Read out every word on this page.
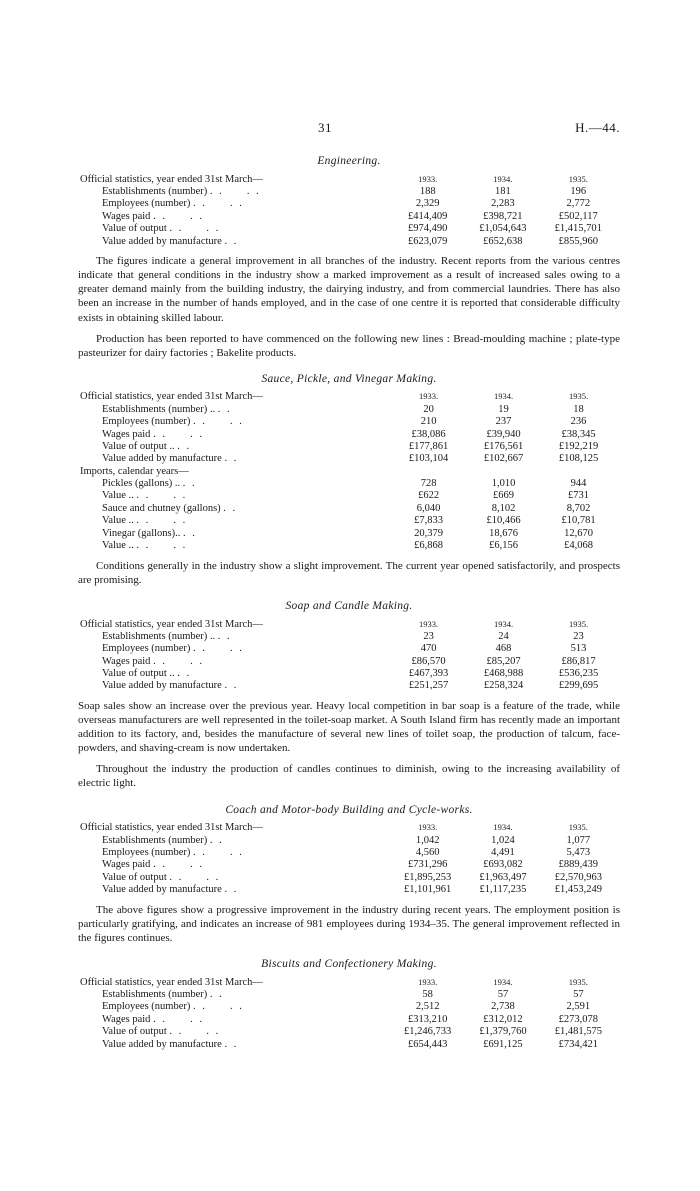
31	H.—44.
Engineering.
Official statistics, year ended 31st March—	1933.	1934.	1935.
Establishments (number) . .     . .	188	181	196
Employees (number) . .     . .	2,329	2,283	2,772
Wages paid . .     . .	£414,409	£398,721	£502,117
Value of output . .     . .	£974,490	£1,054,643	£1,415,701
Value added by manufacture . .	£623,079	£652,638	£855,960

The figures indicate a general improvement in all branches of the industry. Recent reports from the various centres indicate that general conditions in the industry show a marked improvement as a result of increased sales owing to a greater demand mainly from the building industry, the dairying industry, and from commercial laundries. There has also been an increase in the number of hands employed, and in the case of one centre it is reported that considerable difficulty exists in obtaining skilled labour.

Production has been reported to have commenced on the following new lines : Bread-moulding machine ; plate-type pasteurizer for dairy factories ; Bakelite products.

Sauce, Pickle, and Vinegar Making.
Official statistics, year ended 31st March—	1933.	1934.	1935.
Establishments (number) .. . .	20	19	18
Employees (number) . .     . .	210	237	236
Wages paid . .     . .	£38,086	£39,940	£38,345
Value of output .. . .	£177,861	£176,561	£192,219
Value added by manufacture . .	£103,104	£102,667	£108,125
Imports, calendar years—			
Pickles (gallons) .. . .	728	1,010	944
Value .. . .     . .	£622	£669	£731
Sauce and chutney (gallons) . .	6,040	8,102	8,702
Value .. . .     . .	£7,833	£10,466	£10,781
Vinegar (gallons).. . .	20,379	18,676	12,670
Value .. . .     . .	£6,868	£6,156	£4,068

Conditions generally in the industry show a slight improvement. The current year opened satisfactorily, and prospects are promising.

Soap and Candle Making.
Official statistics, year ended 31st March—	1933.	1934.	1935.
Establishments (number) .. . .	23	24	23
Employees (number) . .     . .	470	468	513
Wages paid . .     . .	£86,570	£85,207	£86,817
Value of output .. . .	£467,393	£468,988	£536,235
Value added by manufacture . .	£251,257	£258,324	£299,695

Soap sales show an increase over the previous year. Heavy local competition in bar soap is a feature of the trade, while overseas manufacturers are well represented in the toilet-soap market. A South Island firm has recently made an important addition to its factory, and, besides the manufacture of several new lines of toilet soap, the production of talcum, face-powders, and shaving-cream is now undertaken.

Throughout the industry the production of candles continues to diminish, owing to the increasing availability of electric light.

Coach and Motor-body Building and Cycle-works.
Official statistics, year ended 31st March—	1933.	1934.	1935.
Establishments (number) . .	1,042	1,024	1,077
Employees (number) . .     . .	4,560	4,491	5,473
Wages paid . .     . .	£731,296	£693,082	£889,439
Value of output . .     . .	£1,895,253	£1,963,497	£2,570,963
Value added by manufacture . .	£1,101,961	£1,117,235	£1,453,249

The above figures show a progressive improvement in the industry during recent years. The employment position is particularly gratifying, and indicates an increase of 981 employees during 1934–35. The general improvement reflected in the figures continues.

Biscuits and Confectionery Making.
Official statistics, year ended 31st March—	1933.	1934.	1935.
Establishments (number) . .	58	57	57
Employees (number) . .     . .	2,512	2,738	2,591
Wages paid . .     . .	£313,210	£312,012	£273,078
Value of output . .     . .	£1,246,733	£1,379,760	£1,481,575
Value added by manufacture . .	£654,443	£691,125	£734,421
